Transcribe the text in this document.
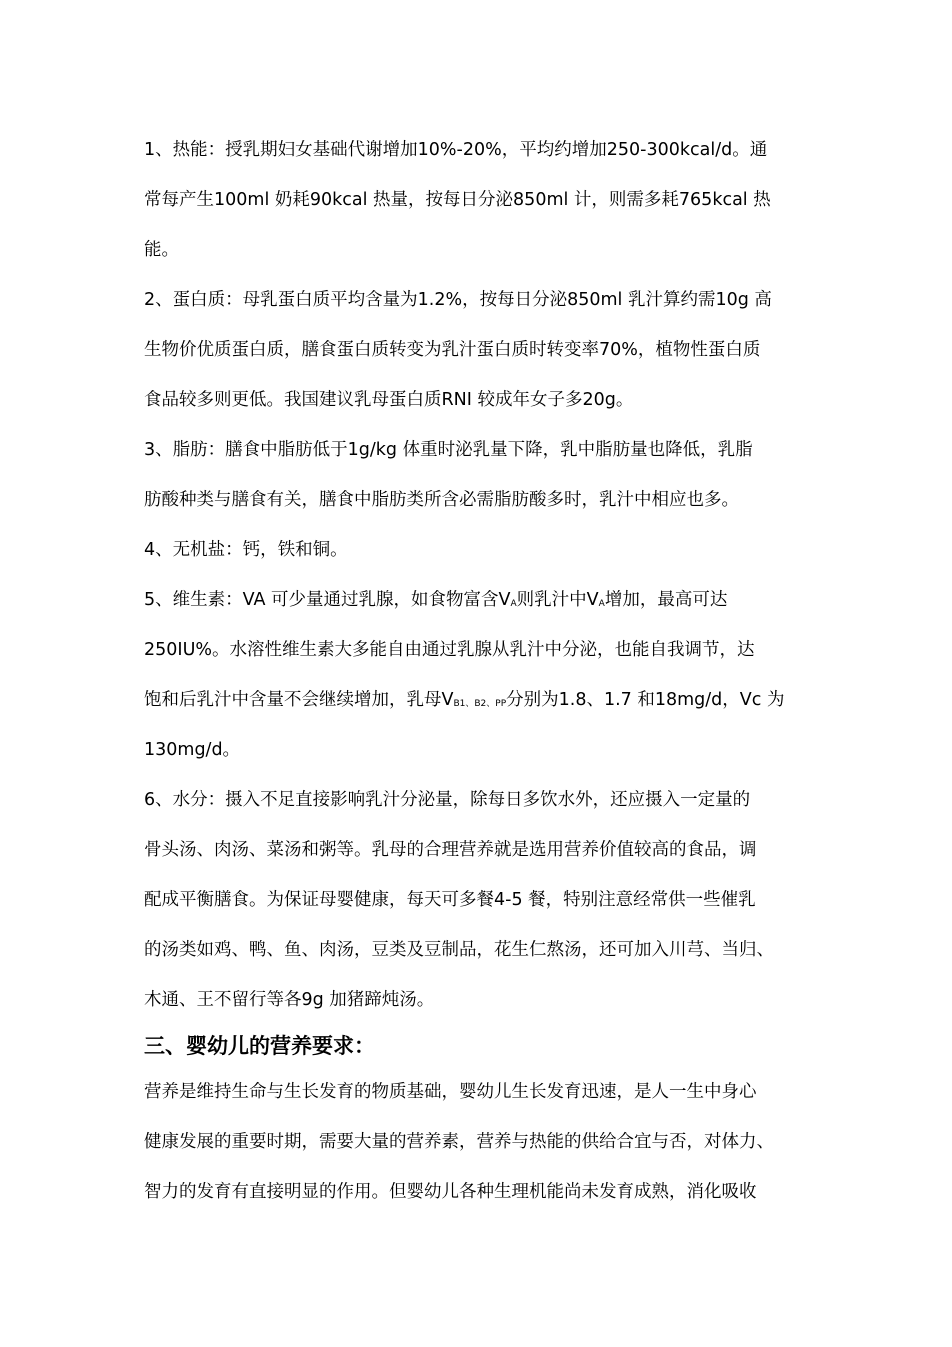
1、热能：授乳期妇女基础代谢增加10%-20%，平均约增加250-300kcal/d。通
常每产生100ml 奶耗90kcal 热量，按每日分泌850ml 计，则需多耗765kcal 热
能。

2、蛋白质：母乳蛋白质平均含量为1.2%，按每日分泌850ml 乳汁算约需10g 高
生物价优质蛋白质，膳食蛋白质转变为乳汁蛋白质时转变率70%，植物性蛋白质
食品较多则更低。我国建议乳母蛋白质RNI 较成年女子多20g。

3、脂肪：膳食中脂肪低于1g/kg 体重时泌乳量下降，乳中脂肪量也降低，乳脂
肪酸种类与膳食有关，膳食中脂肪类所含必需脂肪酸多时，乳汁中相应也多。

4、无机盐：钙，铁和铜。

5、维生素：VA 可少量通过乳腺，如食物富含VA则乳汁中VA增加，最高可达
250IU%。水溶性维生素大多能自由通过乳腺从乳汁中分泌，也能自我调节，达
饱和后乳汁中含量不会继续增加，乳母VB1、B2、PP分别为1.8、1.7 和18mg/d，Vc 为
130mg/d。

6、水分：摄入不足直接影响乳汁分泌量，除每日多饮水外，还应摄入一定量的
骨头汤、肉汤、菜汤和粥等。乳母的合理营养就是选用营养价值较高的食品，调
配成平衡膳食。为保证母婴健康，每天可多餐4-5 餐，特别注意经常供一些催乳
的汤类如鸡、鸭、鱼、肉汤，豆类及豆制品，花生仁熬汤，还可加入川芎、当归、
木通、王不留行等各9g 加猪蹄炖汤。

三、婴幼儿的营养要求：

营养是维持生命与生长发育的物质基础，婴幼儿生长发育迅速，是人一生中身心
健康发展的重要时期，需要大量的营养素，营养与热能的供给合宜与否，对体力、
智力的发育有直接明显的作用。但婴幼儿各种生理机能尚未发育成熟，消化吸收
